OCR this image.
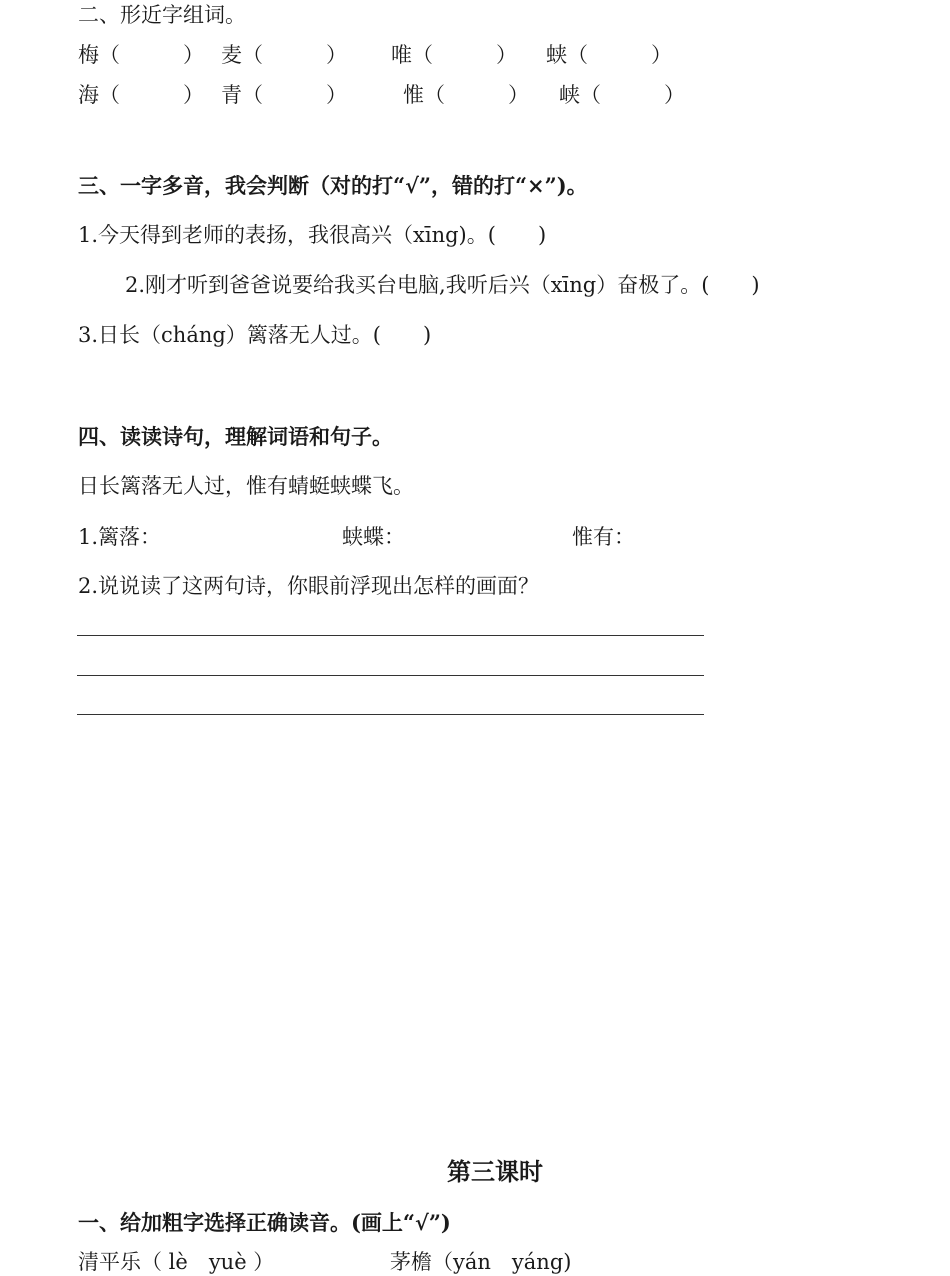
二、形近字组词。
梅（　　　） 麦（　　　） 唯（　　　） 蛱（　　　）
海（　　　） 青（　　　）	惟（　　　） 峡（　　　）
三、一字多音，我会判断（对的打“√”，错的打“×”)。
1.今天得到老师的表扬，我很高兴（xīng)。(　　)
2.刚才听到爸爸说要给我买台电脑,我听后兴（xīng）奋极了。(　　)
3.日长（cháng）篱落无人过。(　　)
四、读读诗句，理解词语和句子。
日长篱落无人过，惟有蜻蜓蛱蝶飞。
1.篱落：	蛱蝶：	惟有：
2.说说读了这两句诗，你眼前浮现出怎样的画面？
第三课时
一、给加粗字选择正确读音。(画上“√”)
清平乐（ lè　yuè ）	茅檐（yán　yáng)
